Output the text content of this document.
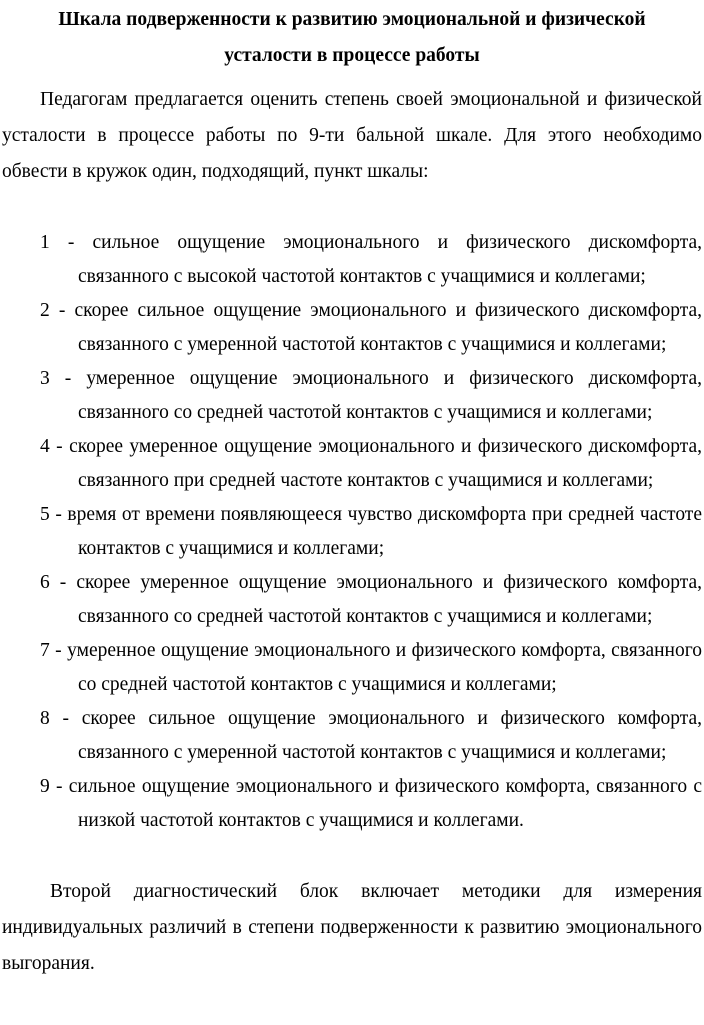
Шкала подверженности к развитию эмоциональной и физической
усталости в процессе работы

Педагогам предлагается оценить степень своей эмоциональной и физической усталости в процессе работы по 9-ти бальной шкале. Для этого необходимо обвести в кружок один, подходящий, пункт шкалы:

1 - сильное ощущение эмоционального и физического дискомфорта, связанного с высокой частотой контактов с учащимися и коллегами;
2 - скорее сильное ощущение эмоционального и физического дискомфорта, связанного с умеренной частотой контактов с учащимися и коллегами;
3 - умеренное ощущение эмоционального и физического дискомфорта, связанного со средней частотой контактов с учащимися и коллегами;
4 - скорее умеренное ощущение эмоционального и физического дискомфорта, связанного при средней частоте контактов с учащимися и коллегами;
5 - время от времени появляющееся чувство дискомфорта при средней частоте контактов с учащимися и коллегами;
6 - скорее умеренное ощущение эмоционального и физического комфорта, связанного со средней частотой контактов с учащимися и коллегами;
7 - умеренное ощущение эмоционального и физического комфорта, связанного со средней частотой контактов с учащимися и коллегами;
8 - скорее сильное ощущение эмоционального и физического комфорта, связанного с умеренной частотой контактов с учащимися и коллегами;
9 - сильное ощущение эмоционального и физического комфорта, связанного с низкой частотой контактов с учащимися и коллегами.

Второй диагностический блок включает методики для измерения индивидуальных различий в степени подверженности к развитию эмоционального выгорания.
